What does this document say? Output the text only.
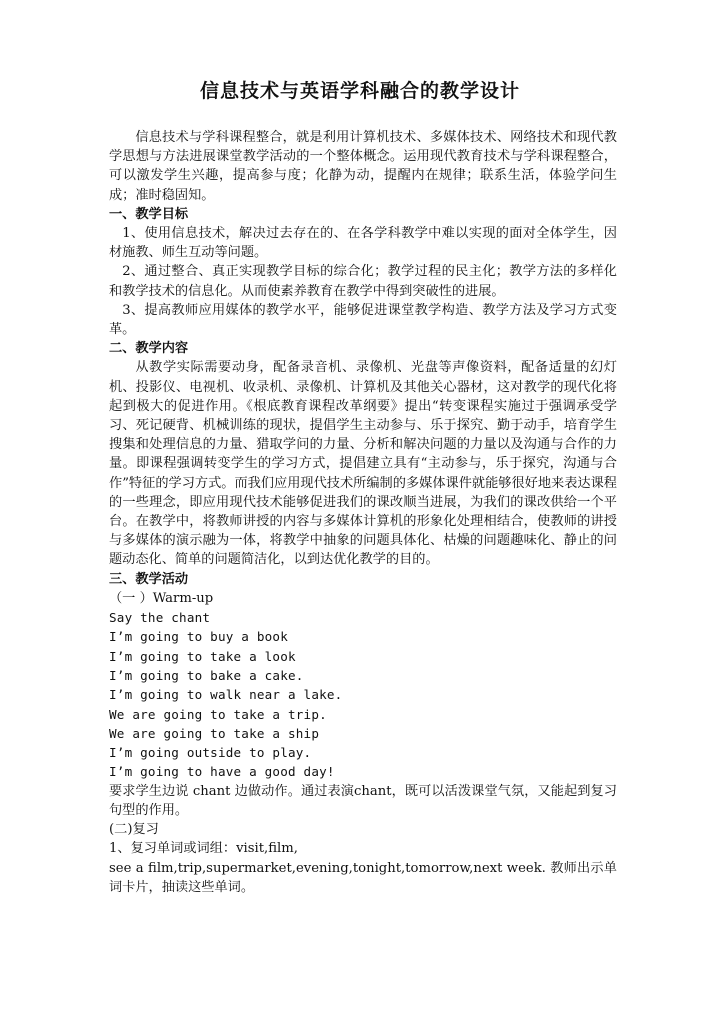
信息技术与英语学科融合的教学设计

信息技术与学科课程整合，就是利用计算机技术、多媒体技术、网络技术和现代教学思想与方法进展课堂教学活动的一个整体概念。运用现代教育技术与学科课程整合，可以激发学生兴趣，提高参与度；化静为动，提醒内在规律；联系生活，体验学问生成；准时稳固知。

一、教学目标

1、使用信息技术，解决过去存在的、在各学科教学中难以实现的面对全体学生，因材施教、师生互动等问题。

2、通过整合、真正实现教学目标的综合化；教学过程的民主化；教学方法的多样化和教学技术的信息化。从而使素养教育在教学中得到突破性的进展。

3、提高教师应用媒体的教学水平，能够促进课堂教学构造、教学方法及学习方式变革。

二、教学内容

从教学实际需要动身，配备录音机、录像机、光盘等声像资料，配备适量的幻灯机、投影仪、电视机、收录机、录像机、计算机及其他关心器材，这对教学的现代化将起到极大的促进作用。《根底教育课程改革纲要》提出“转变课程实施过于强调承受学习、死记硬背、机械训练的现状，提倡学生主动参与、乐于探究、勤于动手，培育学生搜集和处理信息的力量、猎取学问的力量、分析和解决问题的力量以及沟通与合作的力量。即课程强调转变学生的学习方式，提倡建立具有“主动参与，乐于探究，沟通与合作”特征的学习方式。而我们应用现代技术所编制的多媒体课件就能够很好地来表达课程的一些理念，即应用现代技术能够促进我们的课改顺当进展，为我们的课改供给一个平台。在教学中，将教师讲授的内容与多媒体计算机的形象化处理相结合，使教师的讲授与多媒体的演示融为一体，将教学中抽象的问题具体化、枯燥的问题趣味化、静止的问题动态化、简单的问题简洁化，以到达优化教学的目的。

三、教学活动

（一 ）Warm-up

Say the chant

I’m going to buy a book

I’m going to take a look

I’m going to bake a cake.

I’m going to walk near a lake.

We are going to take a trip.

We are going to take a ship

I’m going outside to play.

I’m going to have a good day!

要求学生边说 chant 边做动作。通过表演chant，既可以活泼课堂气氛，又能起到复习句型的作用。

(二)复习

1、复习单词或词组：visit,film,

see a film,trip,supermarket,evening,tonight,tomorrow,next week. 教师出示单词卡片，抽读这些单词。
